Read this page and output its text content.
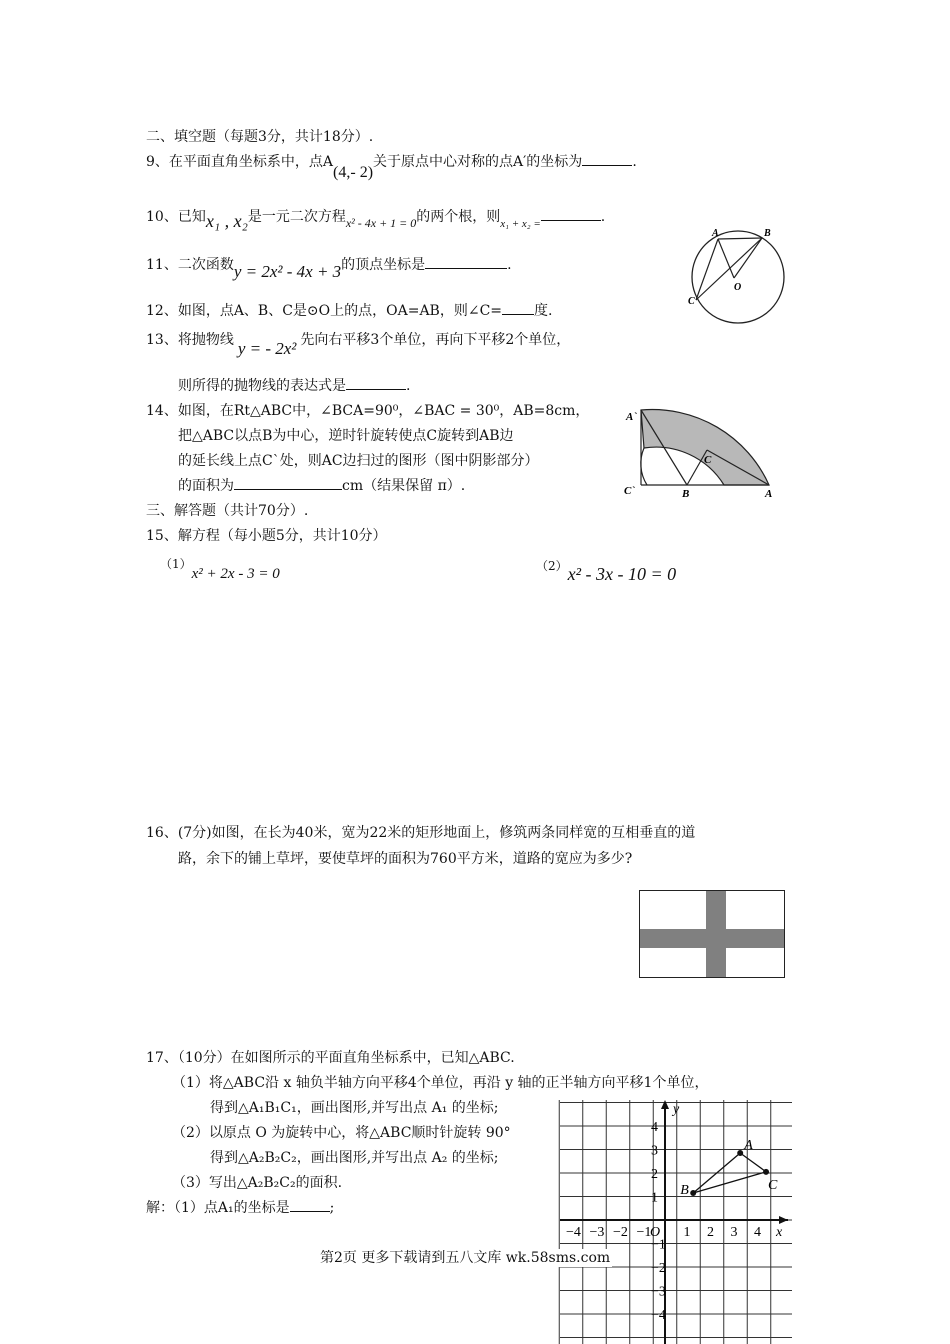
二、填空题（每题3分，共计18分）.
9、在平面直角坐标系中，点A(4,- 2)关于原点中心对称的点A′的坐标为	.
10、已知x₁ , x₂是一元二次方程x² - 4x + 1 = 0的两个根，则$_{x_1 + x_2 =}$	.
11、二次函数y = 2x² - 4x + 3的顶点坐标是	.
12、如图，点A、B、C是⊙O上的点，OA=AB，则∠C= 度.
A	B
C
O
13、将抛物线 y = - 2x² 先向右平移3个单位，再向下平移2个单位，
则所得的抛物线的表达式是	.
14、如图，在Rt△ABC中，∠BCA=90⁰，∠BAC = 30⁰，AB=8cm，
把△ABC以点B为中心，逆时针旋转使点C旋转到AB边
的延长线上点C`处，则AC边扫过的图形（图中阴影部分）
的面积为	cm（结果保留 π）.
A`
C`	B
C
A
三、解答题（共计70分）.
15、解方程（每小题5分，共计10分）
（1）x² + 2x - 3 = 0	（2）x² - 3x - 10 = 0
16、(7分)如图，在长为40米，宽为22米的矩形地面上，修筑两条同样宽的互相垂直的道
路，余下的铺上草坪，要使草坪的面积为760平方米，道路的宽应为多少?
17、（10分）在如图所示的平面直角坐标系中，已知△ABC.
（1）将△ABC沿 x 轴负半轴方向平移4个单位，再沿 y 轴的正半轴方向平移1个单位，
得到△A₁B₁C₁，画出图形,并写出点 A₁ 的坐标;
（2）以原点 O 为旋转中心，将△ABC顺时针旋转 90°
得到△A₂B₂C₂，画出图形,并写出点 A₂ 的坐标;
（3）写出△A₂B₂C₂的面积.
解：（1）点A₁的坐标是	;
x
y
O
−4 −3 −2 −1 1 2 3 4
4
3
2
1
−1
−2
−3
−4
A
B	C
第2页 更多下载请到五八文库 wk.58sms.com
